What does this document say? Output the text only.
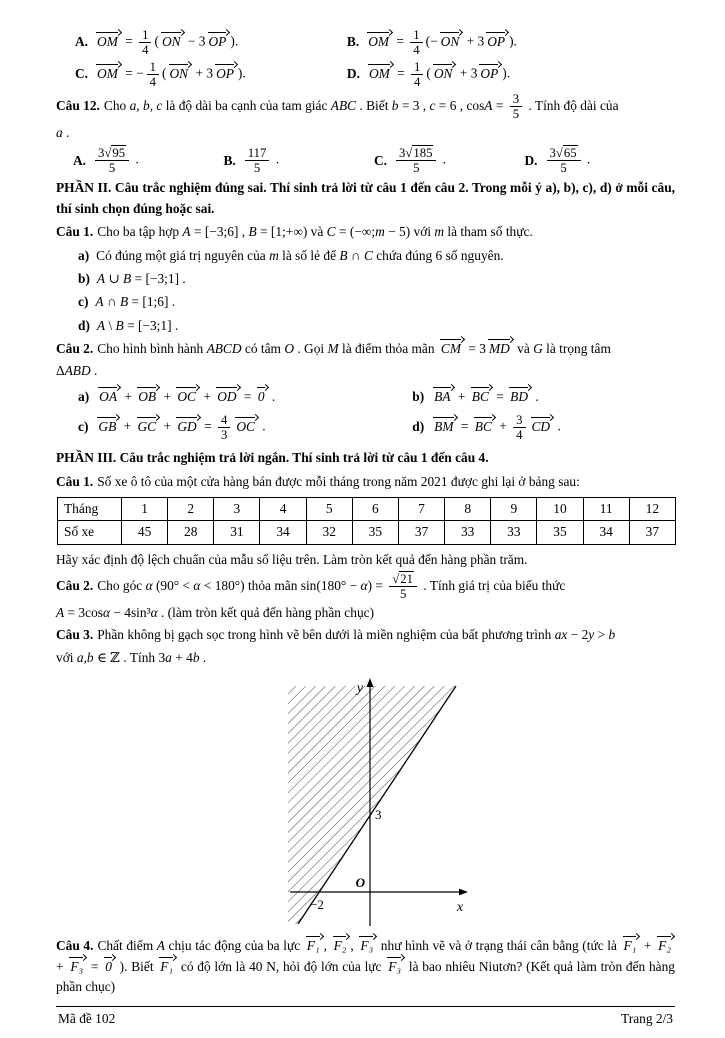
A. OM = $\frac{1}{4}$ ( ON − 3 OP ).	B. OM = $\frac{1}{4}$ (− ON + 3 OP ).
C. OM = − $\frac{1}{4}$ ( ON + 3 OP ).	D. OM = $\frac{1}{4}$ ( ON + 3 OP ).

Câu 12. Cho a, b, c là độ dài ba cạnh của tam giác ABC . Biết b = 3 , c = 6 , $\cos A = \frac{3}{5}$ . Tính độ dài của

a .

A. $\frac{3√95}{5}$ .	B. $\frac{117}{5}$ .	C. $\frac{3√185}{5}$ .	D. $\frac{3√65}{5}$ .

PHẦN II. Câu trắc nghiệm đúng sai. Thí sinh trả lời từ câu 1 đến câu 2. Trong mỗi ý a), b), c), d) ở mỗi câu, thí sinh chọn đúng hoặc sai.

Câu 1. Cho ba tập hợp A = [−3;6] , B = [1;+∞) và C = (−∞;m − 5) với m là tham số thực.

a) Có đúng một giá trị nguyên của m là số lẻ để B ∩ C chứa đúng 6 số nguyên.
b) A ∪ B = [−3;1] .
c) A ∩ B = [1;6] .
d) A \ B = [−3;1] .

Câu 2. Cho hình bình hành ABCD có tâm O . Gọi M là điểm thỏa mãn CM = 3 MD và G là trọng tâm

ΔABD .

a) OA + OB + OC + OD = 0 .	b) BA + BC = BD .
c) GB + GC + GD = $\frac{4}{3}$ OC .	d) BM = BC + $\frac{3}{4}$ CD .

PHẦN III. Câu trắc nghiệm trả lời ngắn. Thí sinh trả lời từ câu 1 đến câu 4.

Câu 1. Số xe ô tô của một cửa hàng bán được mỗi tháng trong năm 2021 được ghi lại ở bảng sau:

Tháng	1	2	3	4	5	6	7	8	9	10	11	12
Số xe	45	28	31	34	32	35	37	33	33	35	34	37

Hãy xác định độ lệch chuẩn của mẫu số liệu trên. Làm tròn kết quả đến hàng phần trăm.

Câu 2. Cho góc α (90° < α < 180°) thỏa mãn $\sin(180^\circ - \alpha) = \frac{√21}{5}$ . Tính giá trị của biểu thức

A = 3cosα − 4sin³α . (làm tròn kết quả đến hàng phần chục)

Câu 3. Phần không bị gạch sọc trong hình vẽ bên dưới là miền nghiệm của bất phương trình ax − 2y > b

với a,b ∈ ℤ . Tính 3a + 4b .

y
x
O
3
−2

Câu 4. Chất điểm A chịu tác động của ba lực F₁ , F₂ , F₃ như hình vẽ và ở trạng thái cân bằng (tức là F₁ + F₂ + F₃ = 0 ). Biết F₁ có độ lớn là 40 N, hỏi độ lớn của lực F₃ là bao nhiêu Niutơn? (Kết quả làm tròn đến hàng phần chục)

Mã đề 102	Trang 2/3
